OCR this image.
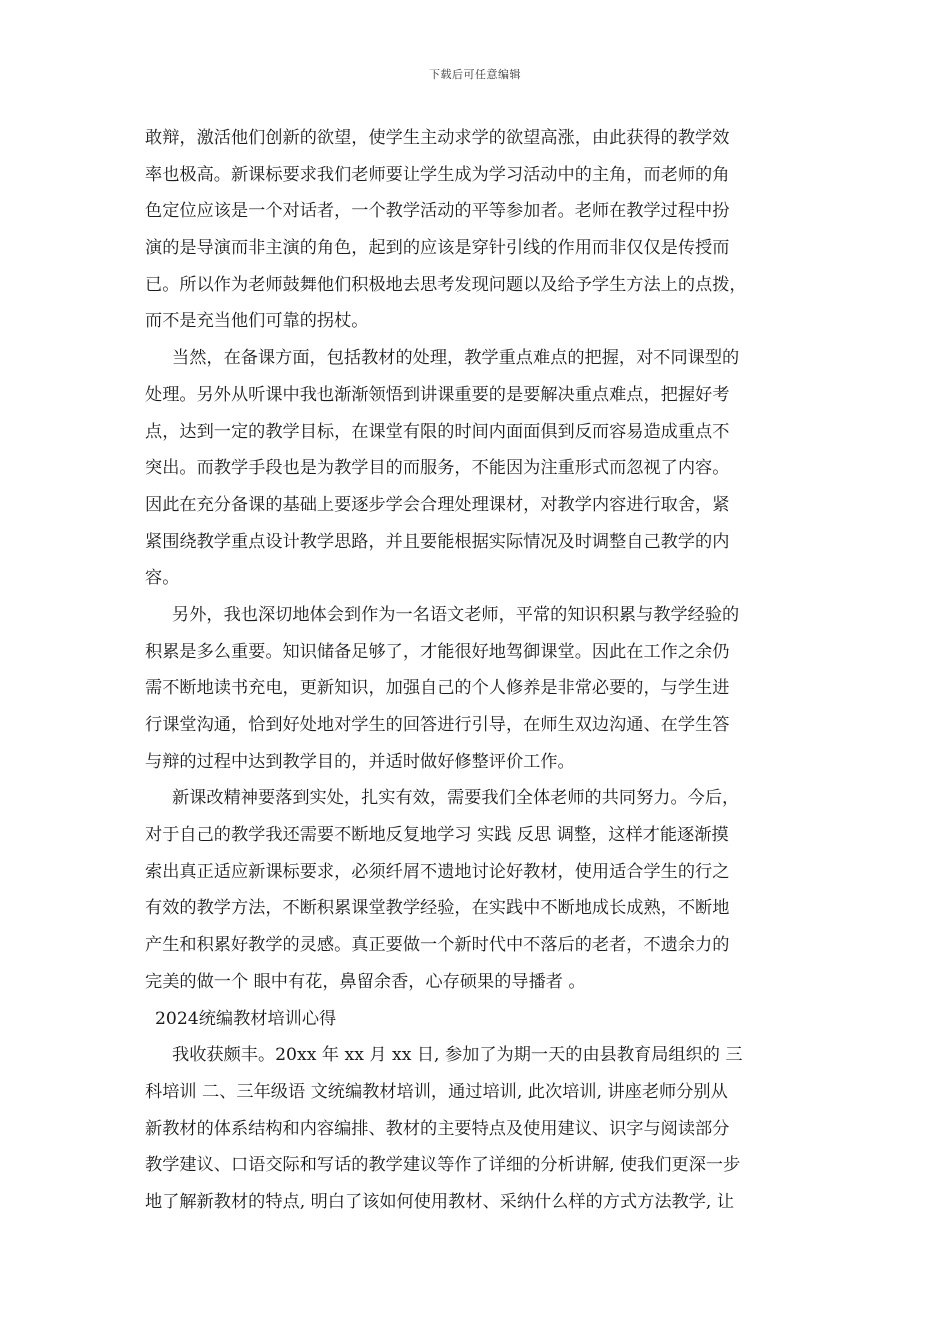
下载后可任意编辑
敢辩，激活他们创新的欲望，使学生主动求学的欲望高涨，由此获得的教学效
率也极高。新课标要求我们老师要让学生成为学习活动中的主角，而老师的角
色定位应该是一个对话者，一个教学活动的平等参加者。老师在教学过程中扮
演的是导演而非主演的角色，起到的应该是穿针引线的作用而非仅仅是传授而
已。所以作为老师鼓舞他们积极地去思考发现问题以及给予学生方法上的点拨，
而不是充当他们可靠的拐杖。
当然，在备课方面，包括教材的处理，教学重点难点的把握，对不同课型的
处理。另外从听课中我也渐渐领悟到讲课重要的是要解决重点难点，把握好考
点，达到一定的教学目标，在课堂有限的时间内面面俱到反而容易造成重点不
突出。而教学手段也是为教学目的而服务，不能因为注重形式而忽视了内容。
因此在充分备课的基础上要逐步学会合理处理课材，对教学内容进行取舍，紧
紧围绕教学重点设计教学思路，并且要能根据实际情况及时调整自己教学的内
容。
另外，我也深切地体会到作为一名语文老师，平常的知识积累与教学经验的
积累是多么重要。知识储备足够了，才能很好地驾御课堂。因此在工作之余仍
需不断地读书充电，更新知识，加强自己的个人修养是非常必要的，与学生进
行课堂沟通，恰到好处地对学生的回答进行引导，在师生双边沟通、在学生答
与辩的过程中达到教学目的，并适时做好修整评价工作。
新课改精神要落到实处，扎实有效，需要我们全体老师的共同努力。今后，
对于自己的教学我还需要不断地反复地学习 实践 反思 调整，这样才能逐渐摸
索出真正适应新课标要求，必须纤屑不遗地讨论好教材，使用适合学生的行之
有效的教学方法，不断积累课堂教学经验，在实践中不断地成长成熟，不断地
产生和积累好教学的灵感。真正要做一个新时代中不落后的老者，不遗余力的
完美的做一个 眼中有花，鼻留余香，心存硕果的导播者 。
2024统编教材培训心得
我收获颇丰。20xx 年 xx 月 xx 日, 参加了为期一天的由县教育局组织的 三
科培训 二、三年级语 文统编教材培训，通过培训, 此次培训, 讲座老师分别从
新教材的体系结构和内容编排、教材的主要特点及使用建议、识字与阅读部分
教学建议、口语交际和写话的教学建议等作了详细的分析讲解, 使我们更深一步
地了解新教材的特点, 明白了该如何使用教材、采纳什么样的方式方法教学, 让
